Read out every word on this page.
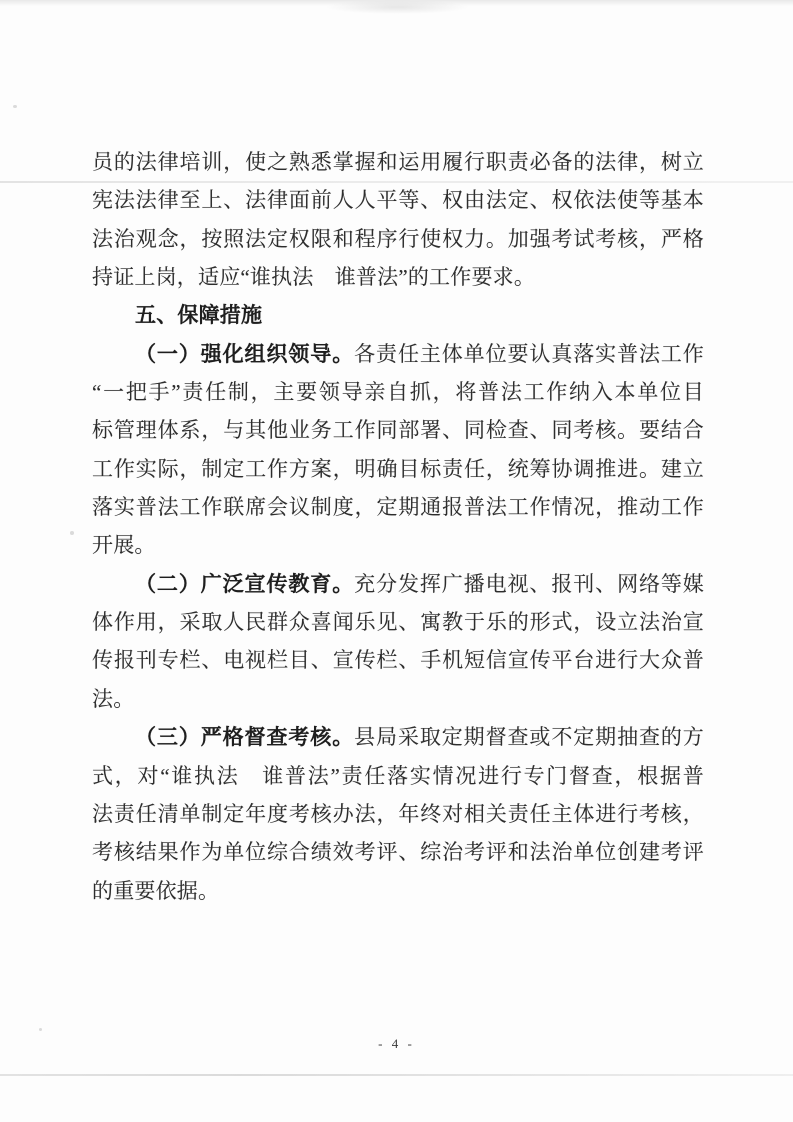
员的法律培训，使之熟悉掌握和运用履行职责必备的法律，树立
宪法法律至上、法律面前人人平等、权由法定、权依法使等基本
法治观念，按照法定权限和程序行使权力。加强考试考核，严格
持证上岗，适应“谁执法　谁普法”的工作要求。
五、保障措施
（一）强化组织领导。各责任主体单位要认真落实普法工作
“一把手”责任制，主要领导亲自抓，将普法工作纳入本单位目
标管理体系，与其他业务工作同部署、同检查、同考核。要结合
工作实际，制定工作方案，明确目标责任，统筹协调推进。建立
落实普法工作联席会议制度，定期通报普法工作情况，推动工作
开展。
（二）广泛宣传教育。充分发挥广播电视、报刊、网络等媒
体作用，采取人民群众喜闻乐见、寓教于乐的形式，设立法治宣
传报刊专栏、电视栏目、宣传栏、手机短信宣传平台进行大众普
法。
（三）严格督查考核。县局采取定期督查或不定期抽查的方
式，对“谁执法　谁普法”责任落实情况进行专门督查，根据普
法责任清单制定年度考核办法，年终对相关责任主体进行考核，
考核结果作为单位综合绩效考评、综治考评和法治单位创建考评
的重要依据。
- 4 -
